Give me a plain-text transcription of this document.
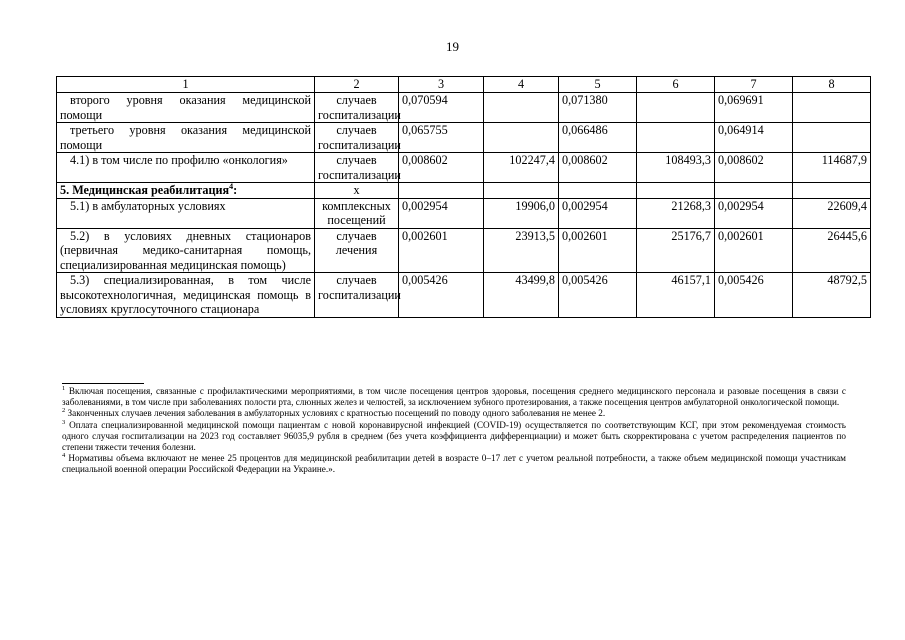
19
1	2	3	4	5	6	7	8
второго уровня оказания медицинской помощи	случаев госпитализации	0,070594		0,071380		0,069691	
третьего уровня оказания медицинской помощи	случаев госпитализации	0,065755		0,066486		0,064914	
4.1) в том числе по профилю «онкология»	случаев госпитализации	0,008602	102247,4	0,008602	108493,3	0,008602	114687,9
5. Медицинская реабилитация$^4$:	х						
5.1) в амбулаторных условиях	комплексных посещений	0,002954	19906,0	0,002954	21268,3	0,002954	22609,4
5.2) в условиях дневных стационаров (первичная медико-санитарная помощь, специализированная медицинская помощь)	случаев лечения	0,002601	23913,5	0,002601	25176,7	0,002601	26445,6
5.3) специализированная, в том числе высокотехнологичная, медицинская помощь в условиях круглосуточного стационара	случаев госпитализации	0,005426	43499,8	0,005426	46157,1	0,005426	48792,5

$^1$ Включая посещения, связанные с профилактическими мероприятиями, в том числе посещения центров здоровья, посещения среднего медицинского персонала и разовые посещения в связи с заболеваниями, в том числе при заболеваниях полости рта, слюнных желез и челюстей, за исключением зубного протезирования, а также посещения центров амбулаторной онкологической помощи.

$^2$ Законченных случаев лечения заболевания в амбулаторных условиях с кратностью посещений по поводу одного заболевания не менее 2.

$^3$ Оплата специализированной медицинской помощи пациентам с новой коронавирусной инфекцией (COVID-19) осуществляется по соответствующим КСГ, при этом рекомендуемая стоимость одного случая госпитализации на 2023 год составляет 96035,9 рубля в среднем (без учета коэффициента дифференциации) и может быть скорректирована с учетом распределения пациентов по степени тяжести течения болезни.

$^4$ Нормативы объема включают не менее 25 процентов для медицинской реабилитации детей в возрасте 0–17 лет с учетом реальной потребности, а также объем медицинской помощи участникам специальной военной операции Российской Федерации на Украине.».
